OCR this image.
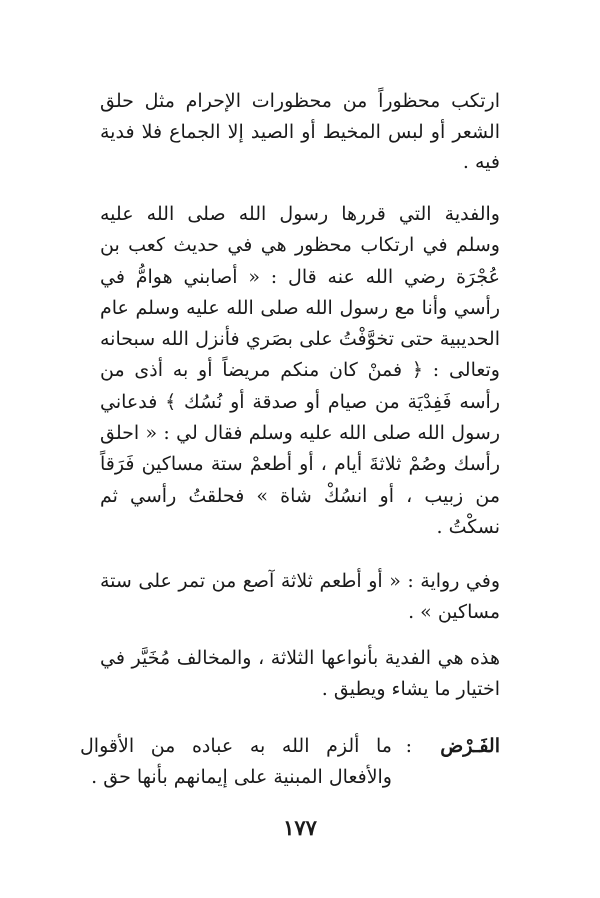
ارتكب محظوراً من محظورات الإحرام مثل حلق الشعر أو لبس المخيط أو الصيد إلا الجماع فلا فدية فيه .

والفدية التي قررها رسول الله صلى الله عليه وسلم في ارتكاب محظور هي في حديث كعب بن عُجْرَة رضي الله عنه قال : « أصابني هوامُّ في رأسي وأنا مع رسول الله صلى الله عليه وسلم عام الحديبية حتى تخوَّفْتُ على بصَري فأنزل الله سبحانه وتعالى : ﴿ فمنْ كان منكم مريضاً أو به أذى من رأسه فَفِدْيَة من صيام أو صدقة أو نُسُك ﴾ فدعاني رسول الله صلى الله عليه وسلم فقال لي : « احلق رأسك وصُمْ ثلاثةَ أيام ، أو أطعمْ ستة مساكين فَرَقاً من زبيب ، أو انسُكْ شاة » فحلقتُ رأسي ثم نسكْتُ .

وفي رواية : « أو أطعم ثلاثة آصع من تمر على ستة مساكين » .

هذه هي الفدية بأنواعها الثلاثة ، والمخالف مُخَيَّر في اختيار ما يشاء ويطيق .

الفَـرْض
:

ما ألزم الله به عباده من الأقوال والأفعال المبنية على إيمانهم بأنها حق .

١٧٧
